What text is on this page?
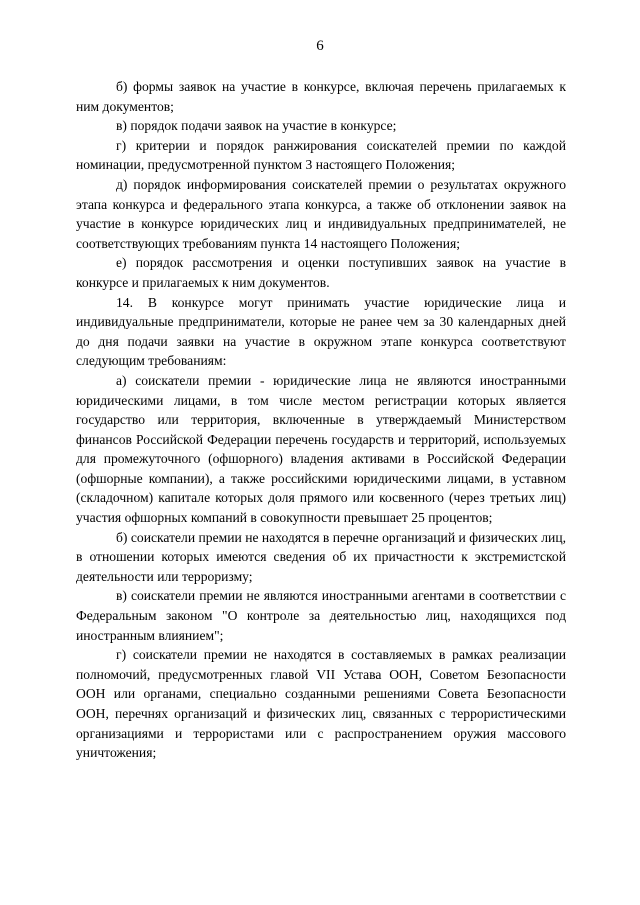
6

б) формы заявок на участие в конкурсе, включая перечень прилагаемых к ним документов;

в) порядок подачи заявок на участие в конкурсе;

г) критерии и порядок ранжирования соискателей премии по каждой номинации, предусмотренной пунктом 3 настоящего Положения;

д) порядок информирования соискателей премии о результатах окружного этапа конкурса и федерального этапа конкурса, а также об отклонении заявок на участие в конкурсе юридических лиц и индивидуальных предпринимателей, не соответствующих требованиям пункта 14 настоящего Положения;

е) порядок рассмотрения и оценки поступивших заявок на участие в конкурсе и прилагаемых к ним документов.

14. В конкурсе могут принимать участие юридические лица и индивидуальные предприниматели, которые не ранее чем за 30 календарных дней до дня подачи заявки на участие в окружном этапе конкурса соответствуют следующим требованиям:

а) соискатели премии - юридические лица не являются иностранными юридическими лицами, в том числе местом регистрации которых является государство или территория, включенные в утверждаемый Министерством финансов Российской Федерации перечень государств и территорий, используемых для промежуточного (офшорного) владения активами в Российской Федерации (офшорные компании), а также российскими юридическими лицами, в уставном (складочном) капитале которых доля прямого или косвенного (через третьих лиц) участия офшорных компаний в совокупности превышает 25 процентов;

б) соискатели премии не находятся в перечне организаций и физических лиц, в отношении которых имеются сведения об их причастности к экстремистской деятельности или терроризму;

в) соискатели премии не являются иностранными агентами в соответствии с Федеральным законом "О контроле за деятельностью лиц, находящихся под иностранным влиянием";

г) соискатели премии не находятся в составляемых в рамках реализации полномочий, предусмотренных главой VII Устава ООН, Советом Безопасности ООН или органами, специально созданными решениями Совета Безопасности ООН, перечнях организаций и физических лиц, связанных с террористическими организациями и террористами или с распространением оружия массового уничтожения;
